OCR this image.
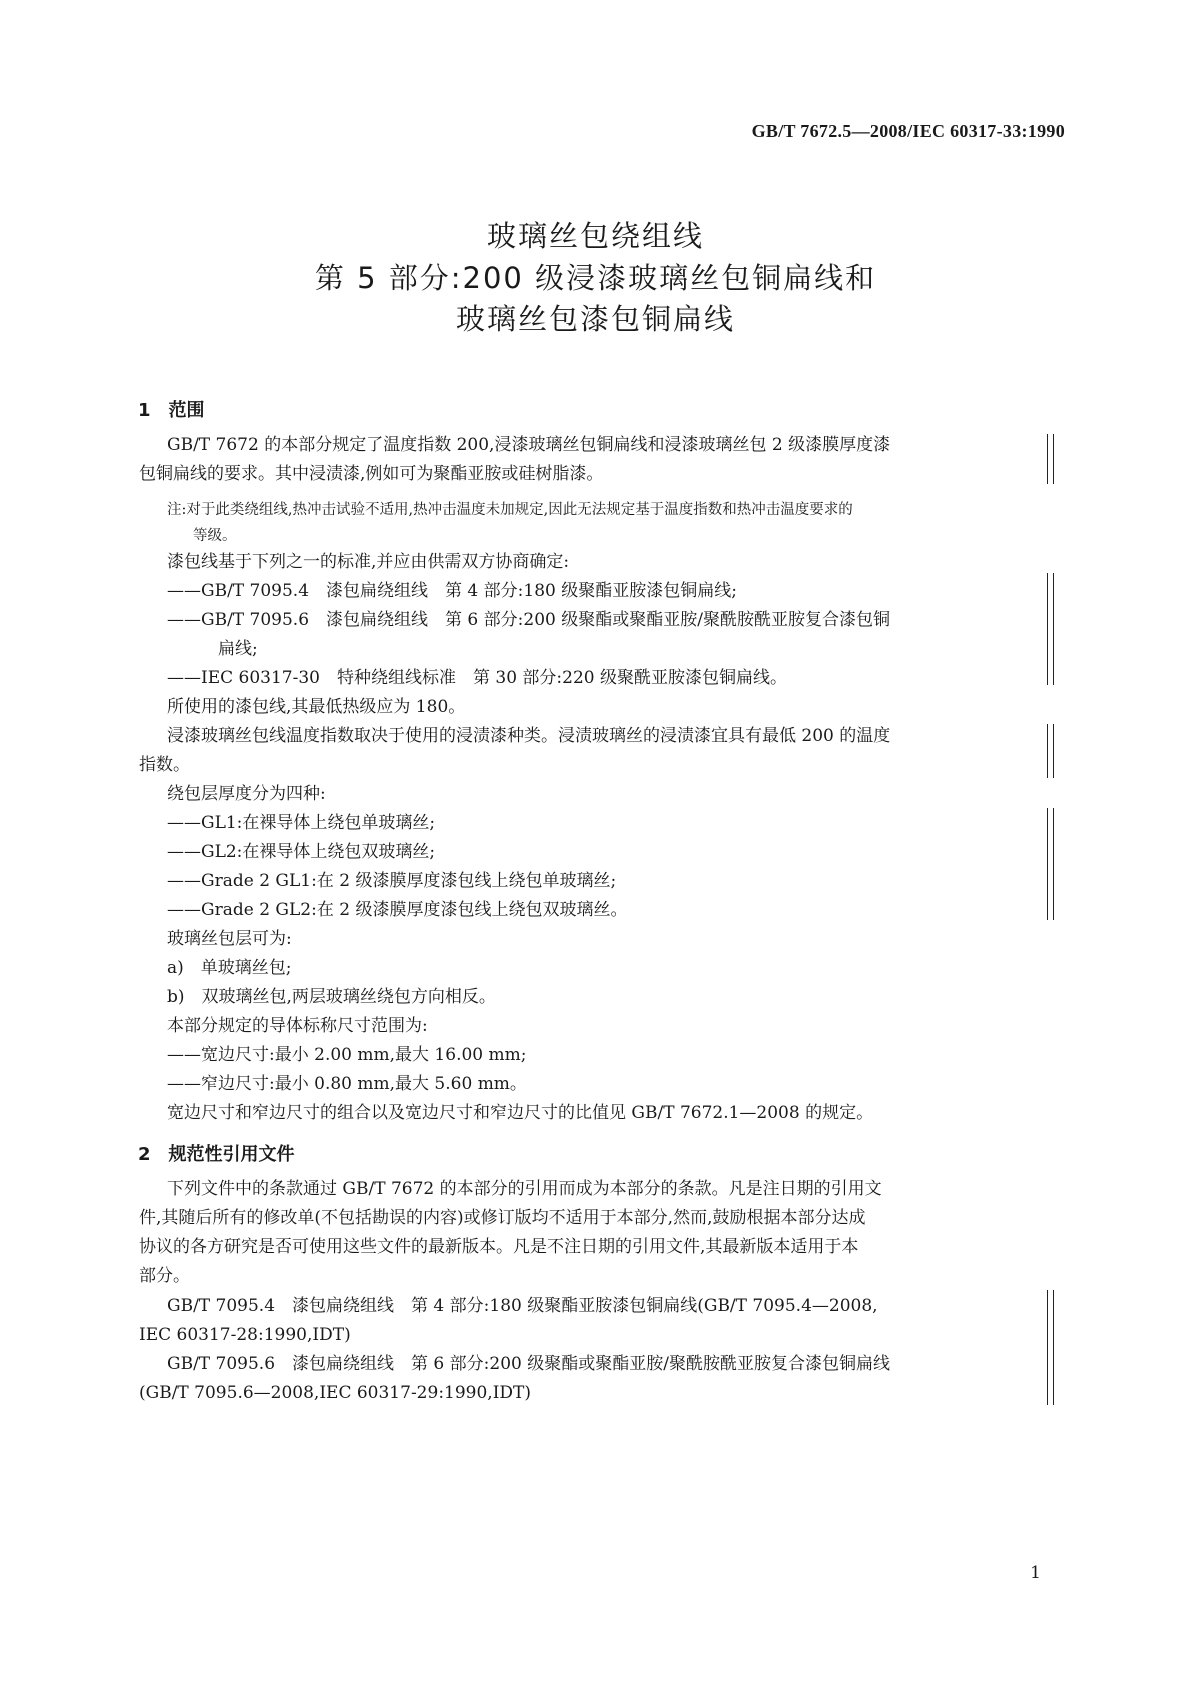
GB/T 7672.5—2008/IEC 60317-33:1990
玻璃丝包绕组线
第 5 部分:200 级浸漆玻璃丝包铜扁线和
玻璃丝包漆包铜扁线
1　范围
GB/T 7672 的本部分规定了温度指数 200,浸漆玻璃丝包铜扁线和浸漆玻璃丝包 2 级漆膜厚度漆
包铜扁线的要求。其中浸渍漆,例如可为聚酯亚胺或硅树脂漆。
注:对于此类绕组线,热冲击试验不适用,热冲击温度未加规定,因此无法规定基于温度指数和热冲击温度要求的
等级。
漆包线基于下列之一的标准,并应由供需双方协商确定:
——GB/T 7095.4　漆包扁绕组线　第 4 部分:180 级聚酯亚胺漆包铜扁线;
——GB/T 7095.6　漆包扁绕组线　第 6 部分:200 级聚酯或聚酯亚胺/聚酰胺酰亚胺复合漆包铜
扁线;
——IEC 60317-30　特种绕组线标准　第 30 部分:220 级聚酰亚胺漆包铜扁线。
所使用的漆包线,其最低热级应为 180。
浸漆玻璃丝包线温度指数取决于使用的浸渍漆种类。浸渍玻璃丝的浸渍漆宜具有最低 200 的温度
指数。
绕包层厚度分为四种:
——GL1:在裸导体上绕包单玻璃丝;
——GL2:在裸导体上绕包双玻璃丝;
——Grade 2 GL1:在 2 级漆膜厚度漆包线上绕包单玻璃丝;
——Grade 2 GL2:在 2 级漆膜厚度漆包线上绕包双玻璃丝。
玻璃丝包层可为:
a)　单玻璃丝包;
b)　双玻璃丝包,两层玻璃丝绕包方向相反。
本部分规定的导体标称尺寸范围为:
——宽边尺寸:最小 2.00 mm,最大 16.00 mm;
——窄边尺寸:最小 0.80 mm,最大 5.60 mm。
宽边尺寸和窄边尺寸的组合以及宽边尺寸和窄边尺寸的比值见 GB/T 7672.1—2008 的规定。
2　规范性引用文件
下列文件中的条款通过 GB/T 7672 的本部分的引用而成为本部分的条款。凡是注日期的引用文
件,其随后所有的修改单(不包括勘误的内容)或修订版均不适用于本部分,然而,鼓励根据本部分达成
协议的各方研究是否可使用这些文件的最新版本。凡是不注日期的引用文件,其最新版本适用于本
部分。
GB/T 7095.4　漆包扁绕组线　第 4 部分:180 级聚酯亚胺漆包铜扁线(GB/T 7095.4—2008,
IEC 60317-28:1990,IDT)
GB/T 7095.6　漆包扁绕组线　第 6 部分:200 级聚酯或聚酯亚胺/聚酰胺酰亚胺复合漆包铜扁线
(GB/T 7095.6—2008,IEC 60317-29:1990,IDT)
1
